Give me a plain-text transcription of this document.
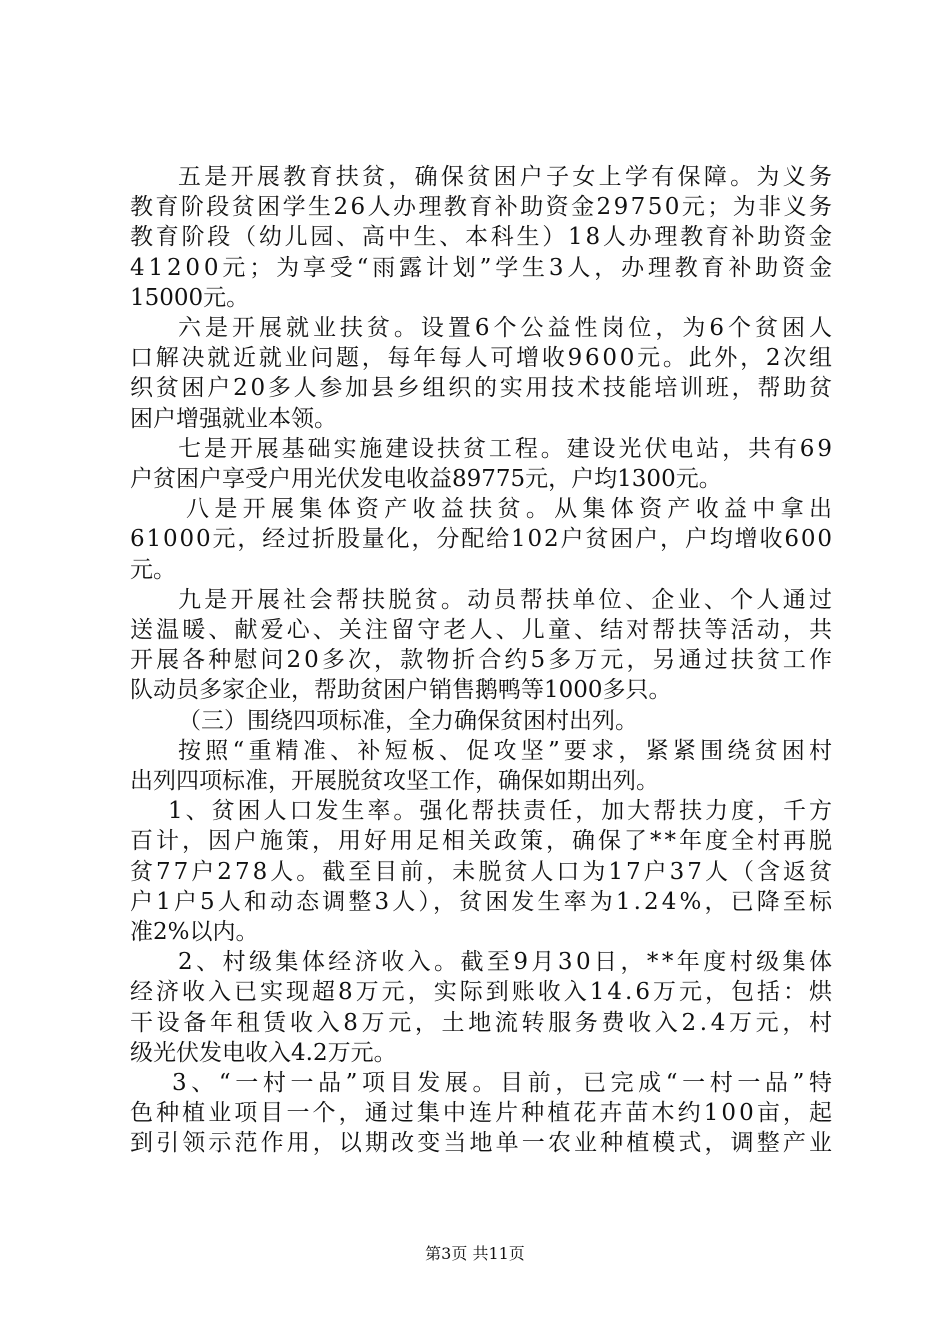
五是开展教育扶贫，确保贫困户子女上学有保障。为义务
教育阶段贫困学生26人办理教育补助资金29750元；为非义务
教育阶段（幼儿园、高中生、本科生）18人办理教育补助资金
41200元；为享受“雨露计划”学生3人，办理教育补助资金
15000元。
六是开展就业扶贫。设置6个公益性岗位，为6个贫困人
口解决就近就业问题，每年每人可增收9600元。此外，2次组
织贫困户20多人参加县乡组织的实用技术技能培训班，帮助贫
困户增强就业本领。
七是开展基础实施建设扶贫工程。建设光伏电站，共有69
户贫困户享受户用光伏发电收益89775元，户均1300元。
八是开展集体资产收益扶贫。从集体资产收益中拿出
61000元，经过折股量化，分配给102户贫困户，户均增收600
元。
九是开展社会帮扶脱贫。动员帮扶单位、企业、个人通过
送温暖、献爱心、关注留守老人、儿童、结对帮扶等活动，共
开展各种慰问20多次，款物折合约5多万元，另通过扶贫工作
队动员多家企业，帮助贫困户销售鹅鸭等1000多只。
（三）围绕四项标准，全力确保贫困村出列。
按照“重精准、补短板、促攻坚”要求，紧紧围绕贫困村
出列四项标准，开展脱贫攻坚工作，确保如期出列。
1、贫困人口发生率。强化帮扶责任，加大帮扶力度，千方
百计，因户施策，用好用足相关政策，确保了**年度全村再脱
贫77户278人。截至目前，未脱贫人口为17户37人（含返贫
户1户5人和动态调整3人），贫困发生率为1.24%，已降至标
准2%以内。
2、村级集体经济收入。截至9月30日，**年度村级集体
经济收入已实现超8万元，实际到账收入14.6万元，包括：烘
干设备年租赁收入8万元，土地流转服务费收入2.4万元，村
级光伏发电收入4.2万元。
3、“一村一品”项目发展。目前，已完成“一村一品”特
色种植业项目一个，通过集中连片种植花卉苗木约100亩，起
到引领示范作用，以期改变当地单一农业种植模式，调整产业
第3页 共11页
